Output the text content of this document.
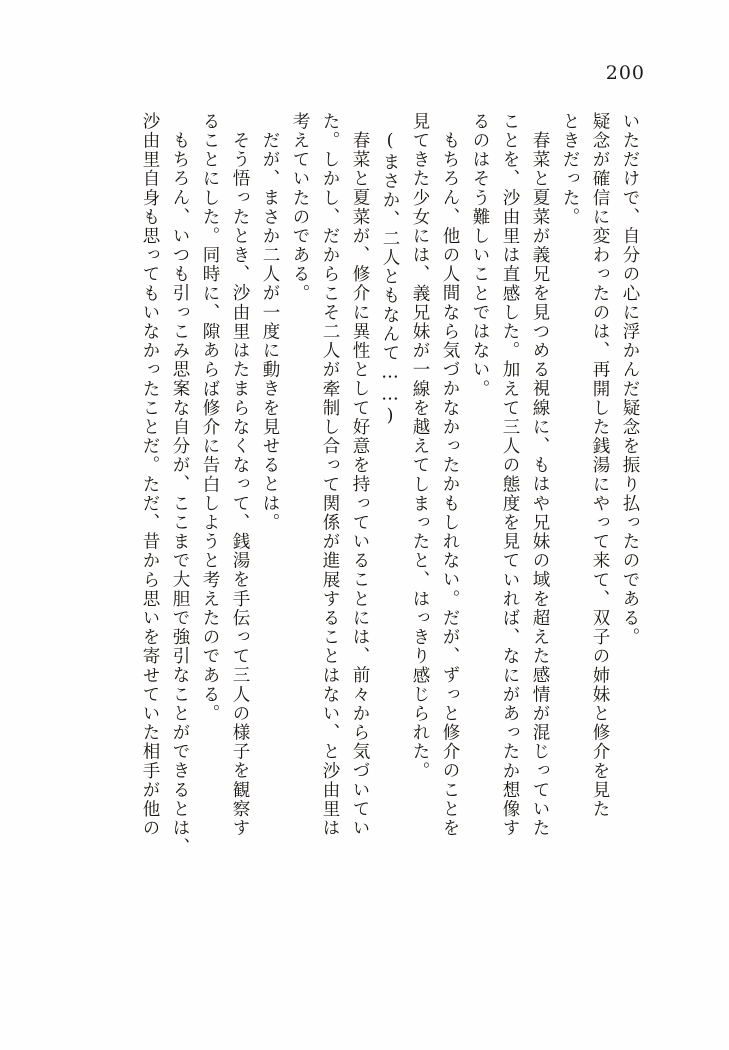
200
いただけで、自分の心に浮かんだ疑念を振り払ったのである。
疑念が確信に変わったのは、再開した銭湯にやって来て、双子の姉妹と修介を見た
ときだった。
春菜と夏菜が義兄を見つめる視線に、もはや兄妹の域を超えた感情が混じっていた
ことを、沙由里は直感した。加えて三人の態度を見ていれば、なにがあったか想像す
るのはそう難しいことではない。
もちろん、他の人間なら気づかなかったかもしれない。だが、ずっと修介のことを
見てきた少女には、義兄妹が一線を越えてしまったと、はっきり感じられた。
(まさか、二人ともなんて……)
春菜と夏菜が、修介に異性として好意を持っていることには、前々から気づいてい
た。しかし、だからこそ二人が牽制し合って関係が進展することはない、と沙由里は
考えていたのである。
だが、まさか二人が一度に動きを見せるとは。
そう悟ったとき、沙由里はたまらなくなって、銭湯を手伝って三人の様子を観察す
ることにした。同時に、隙あらば修介に告白しようと考えたのである。
もちろん、いつも引っこみ思案な自分が、ここまで大胆で強引なことができるとは、
沙由里自身も思ってもいなかったことだ。ただ、昔から思いを寄せていた相手が他の
